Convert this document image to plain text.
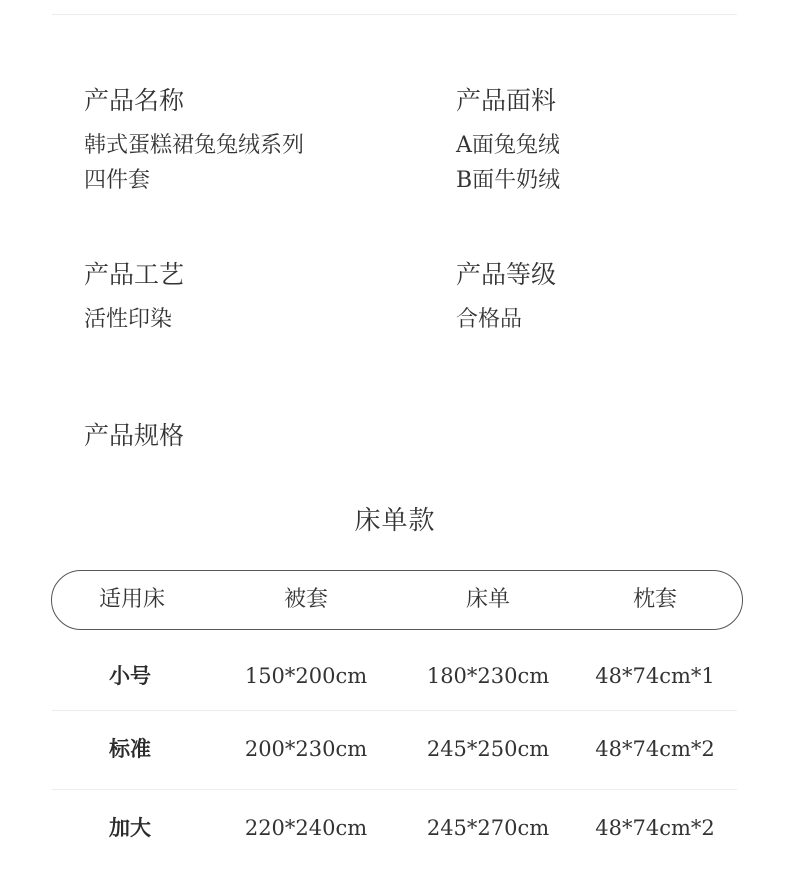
产品名称
韩式蛋糕裙兔兔绒系列
四件套
产品面料
A面兔兔绒
B面牛奶绒
产品工艺
活性印染
产品等级
合格品
产品规格
床单款
适用床	被套	床单	枕套
小号	150*200cm	180*230cm 48*74cm*1
标准	200*230cm	245*250cm 48*74cm*2
加大	220*240cm	245*270cm 48*74cm*2
